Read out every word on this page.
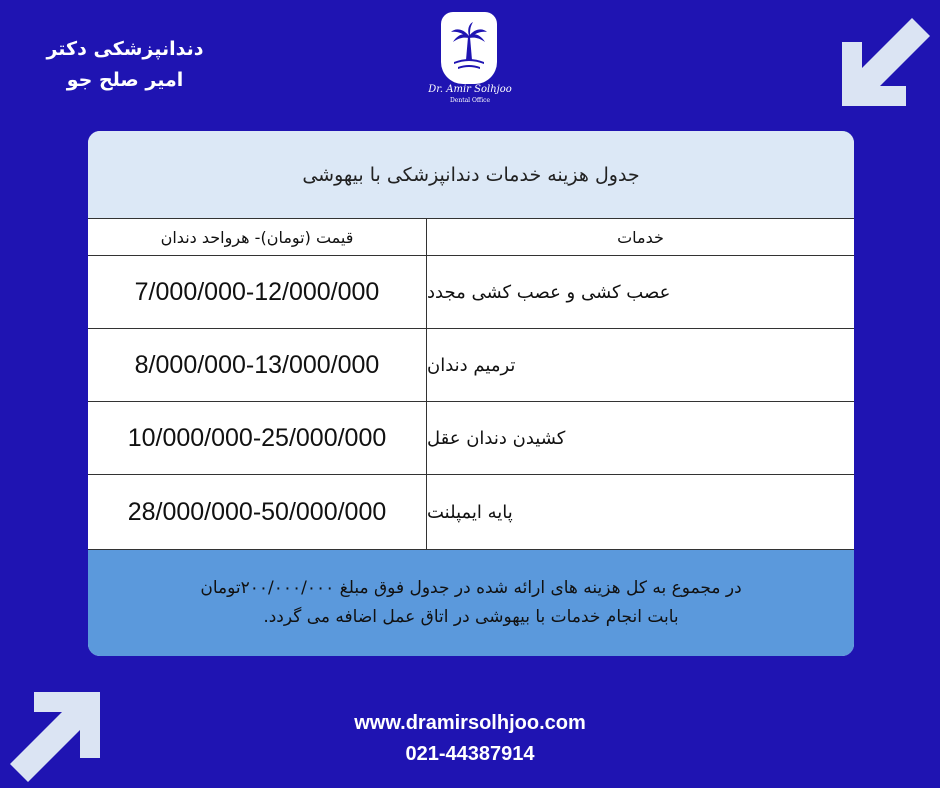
دندانپزشکی دکتر
امیر صلح جو	Dr. Amir Solhjoo
Dental Office
جدول هزینه خدمات دندانپزشکی با بیهوشی
قیمت (تومان)- هرواحد دندان	خدمات
7/000/000-12/000/000	عصب کشی و عصب کشی مجدد
8/000/000-13/000/000	ترمیم دندان
10/000/000-25/000/000	کشیدن دندان عقل
28/000/000-50/000/000	پایه ایمپلنت
در مجموع به کل هزینه های ارائه شده در جدول فوق مبلغ ۲۰۰/۰۰۰/۰۰۰تومان
بابت انجام خدمات با بیهوشی در اتاق عمل اضافه می گردد.
www.dramirsolhjoo.com
021-44387914
